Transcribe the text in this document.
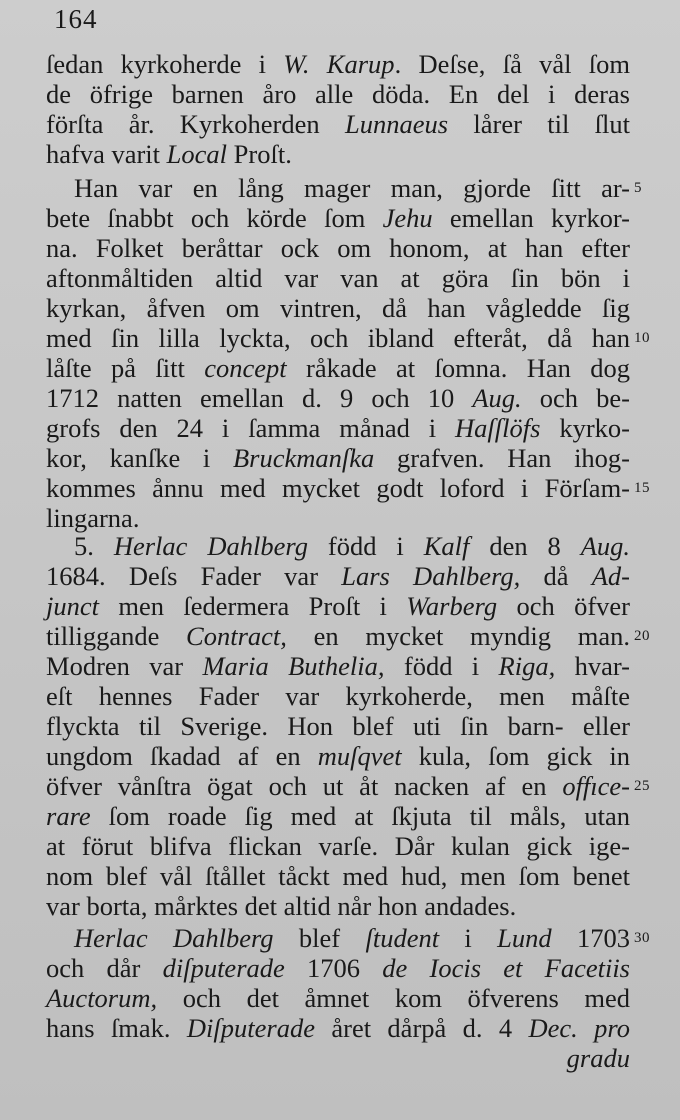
164
ſedan kyrkoherde i W. Karup. Deſse, ſå vål ſom
de öfrige barnen åro alle döda. En del i deras
förſta år. Kyrkoherden Lunnaeus lårer til ſlut
hafva varit Local Proſt.
Han var en lång mager man, gjorde ſitt ar-
bete ſnabbt och körde ſom Jehu emellan kyrkor-
na. Folket beråttar ock om honom, at han efter
aftonmåltiden altid var van at göra ſin bön i
kyrkan, åfven om vintren, då han vågledde ſig
med ſin lilla lyckta, och ibland efteråt, då han
låſte på ſitt concept råkade at ſomna. Han dog
1712 natten emellan d. 9 och 10 Aug. och be-
grofs den 24 i ſamma månad i Haſſlöfs kyrko-
kor, kanſke i Bruckmanſka grafven. Han ihog-
kommes ånnu med mycket godt loford i Förſam-
lingarna.
5. Herlac Dahlberg född i Kalf den 8 Aug.
1684. Deſs Fader var Lars Dahlberg, då Ad-
junct men ſedermera Proſt i Warberg och öfver
tilliggande Contract, en mycket myndig man.
Modren var Maria Buthelia, född i Riga, hvar-
eſt hennes Fader var kyrkoherde, men måſte
flyckta til Sverige. Hon blef uti ſin barn- eller
ungdom ſkadad af en muſqvet kula, ſom gick in
öfver vånſtra ögat och ut åt nacken af en offıce-
rare ſom roade ſig med at ſkjuta til måls, utan
at förut blifva flickan varſe. Dår kulan gick ige-
nom blef vål ſtållet tåckt med hud, men ſom benet
var borta, mårktes det altid når hon andades.
Herlac Dahlberg blef ſtudent i Lund 1703
och dår diſputerade 1706 de Iocis et Facetiis
Auctorum, och det åmnet kom öfverens med
hans ſmak. Diſputerade året dårpå d. 4 Dec. pro
gradu
5
10
15
20
25
30
